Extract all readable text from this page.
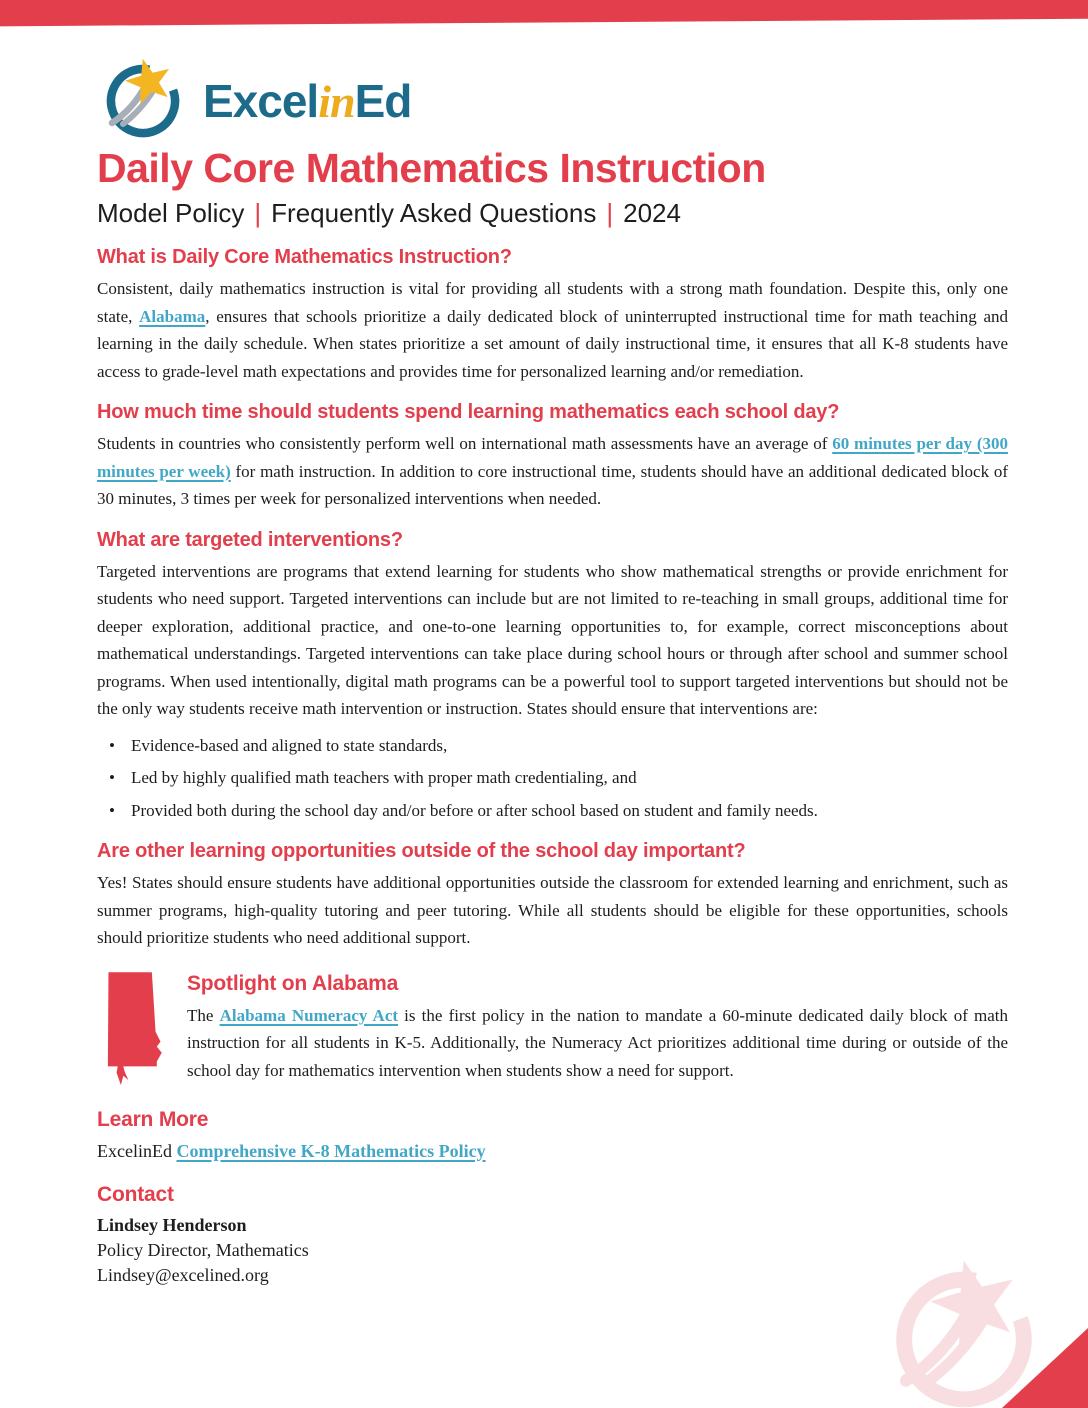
ExcelinEd
Daily Core Mathematics Instruction
Model Policy | Frequently Asked Questions | 2024
What is Daily Core Mathematics Instruction?
Consistent, daily mathematics instruction is vital for providing all students with a strong math foundation. Despite this, only one state, Alabama, ensures that schools prioritize a daily dedicated block of uninterrupted instructional time for math teaching and learning in the daily schedule. When states prioritize a set amount of daily instructional time, it ensures that all K-8 students have access to grade-level math expectations and provides time for personalized learning and/or remediation.
How much time should students spend learning mathematics each school day?
Students in countries who consistently perform well on international math assessments have an average of 60 minutes per day (300 minutes per week) for math instruction. In addition to core instructional time, students should have an additional dedicated block of 30 minutes, 3 times per week for personalized interventions when needed.
What are targeted interventions?
Targeted interventions are programs that extend learning for students who show mathematical strengths or provide enrichment for students who need support. Targeted interventions can include but are not limited to re-teaching in small groups, additional time for deeper exploration, additional practice, and one-to-one learning opportunities to, for example, correct misconceptions about mathematical understandings. Targeted interventions can take place during school hours or through after school and summer school programs. When used intentionally, digital math programs can be a powerful tool to support targeted interventions but should not be the only way students receive math intervention or instruction. States should ensure that interventions are:
• Evidence-based and aligned to state standards,
• Led by highly qualified math teachers with proper math credentialing, and
• Provided both during the school day and/or before or after school based on student and family needs.
Are other learning opportunities outside of the school day important?
Yes! States should ensure students have additional opportunities outside the classroom for extended learning and enrichment, such as summer programs, high-quality tutoring and peer tutoring. While all students should be eligible for these opportunities, schools should prioritize students who need additional support.
Spotlight on Alabama
The Alabama Numeracy Act is the first policy in the nation to mandate a 60-minute dedicated daily block of math instruction for all students in K-5. Additionally, the Numeracy Act prioritizes additional time during or outside of the school day for mathematics intervention when students show a need for support.
Learn More
ExcelinEd Comprehensive K-8 Mathematics Policy
Contact
Lindsey Henderson
Policy Director, Mathematics
Lindsey@excelined.org
